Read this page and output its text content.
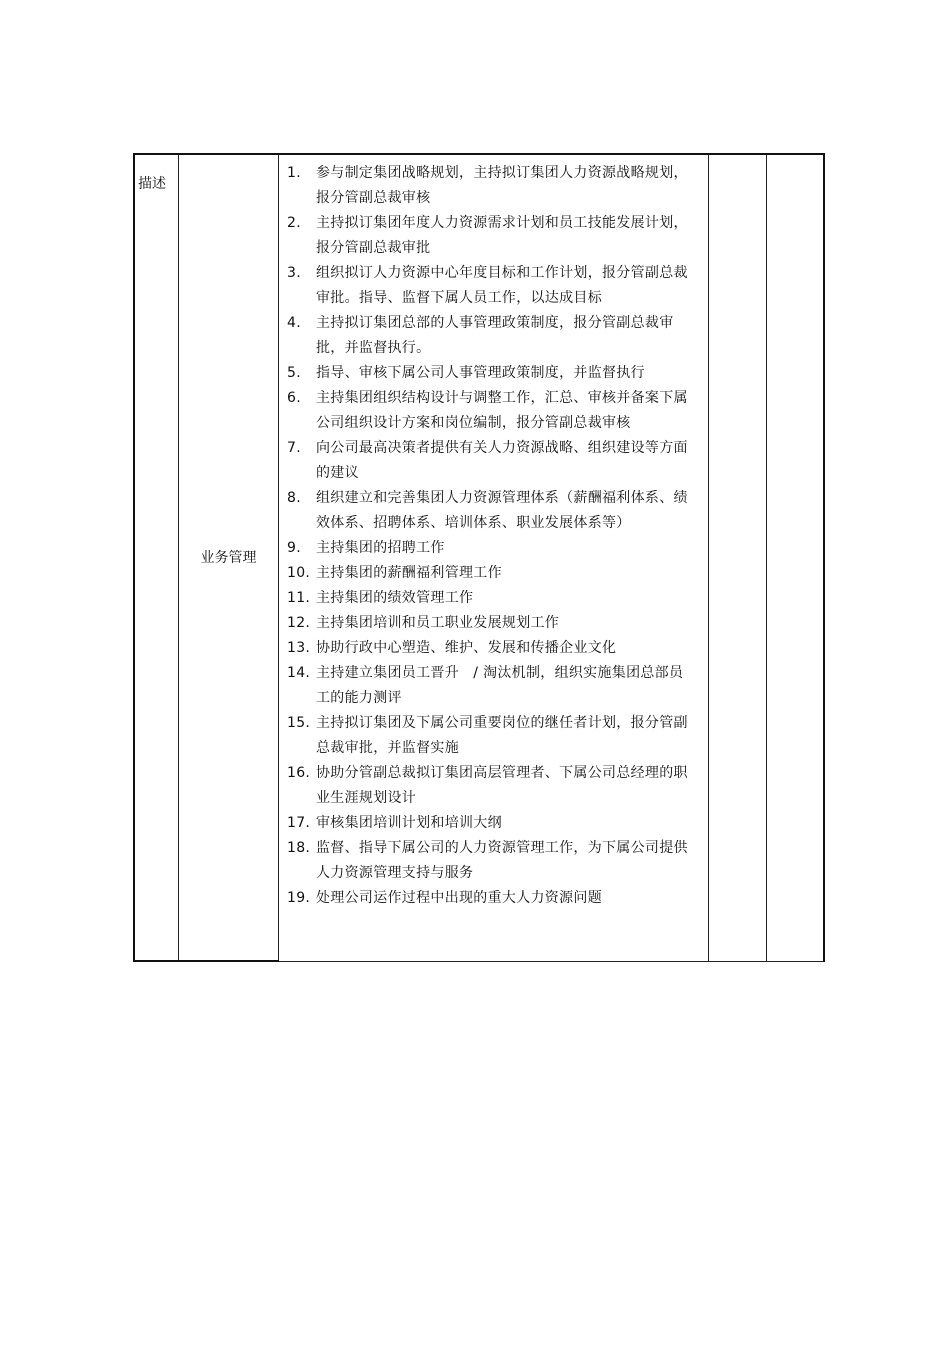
描述

业务管理

1.	参与制定集团战略规划，主持拟订集团人力资源战略规划，报分管副总裁审核
2.	主持拟订集团年度人力资源需求计划和员工技能发展计划，报分管副总裁审批
3.	组织拟订人力资源中心年度目标和工作计划，报分管副总裁审批。指导、监督下属人员工作，以达成目标
4.	主持拟订集团总部的人事管理政策制度，报分管副总裁审批，并监督执行。
5.	指导、审核下属公司人事管理政策制度，并监督执行
6.	主持集团组织结构设计与调整工作，汇总、审核并备案下属公司组织设计方案和岗位编制，报分管副总裁审核
7.	向公司最高决策者提供有关人力资源战略、组织建设等方面的建议
8.	组织建立和完善集团人力资源管理体系（薪酬福利体系、绩效体系、招聘体系、培训体系、职业发展体系等）
9.	主持集团的招聘工作
10. 主持集团的薪酬福利管理工作
11. 主持集团的绩效管理工作
12. 主持集团培训和员工职业发展规划工作
13. 协助行政中心塑造、维护、发展和传播企业文化
14. 主持建立集团员工晋升　/ 淘汰机制，组织实施集团总部员工的能力测评
15. 主持拟订集团及下属公司重要岗位的继任者计划，报分管副总裁审批，并监督实施
16. 协助分管副总裁拟订集团高层管理者、下属公司总经理的职业生涯规划设计
17. 审核集团培训计划和培训大纲
18. 监督、指导下属公司的人力资源管理工作，为下属公司提供人力资源管理支持与服务
19. 处理公司运作过程中出现的重大人力资源问题
